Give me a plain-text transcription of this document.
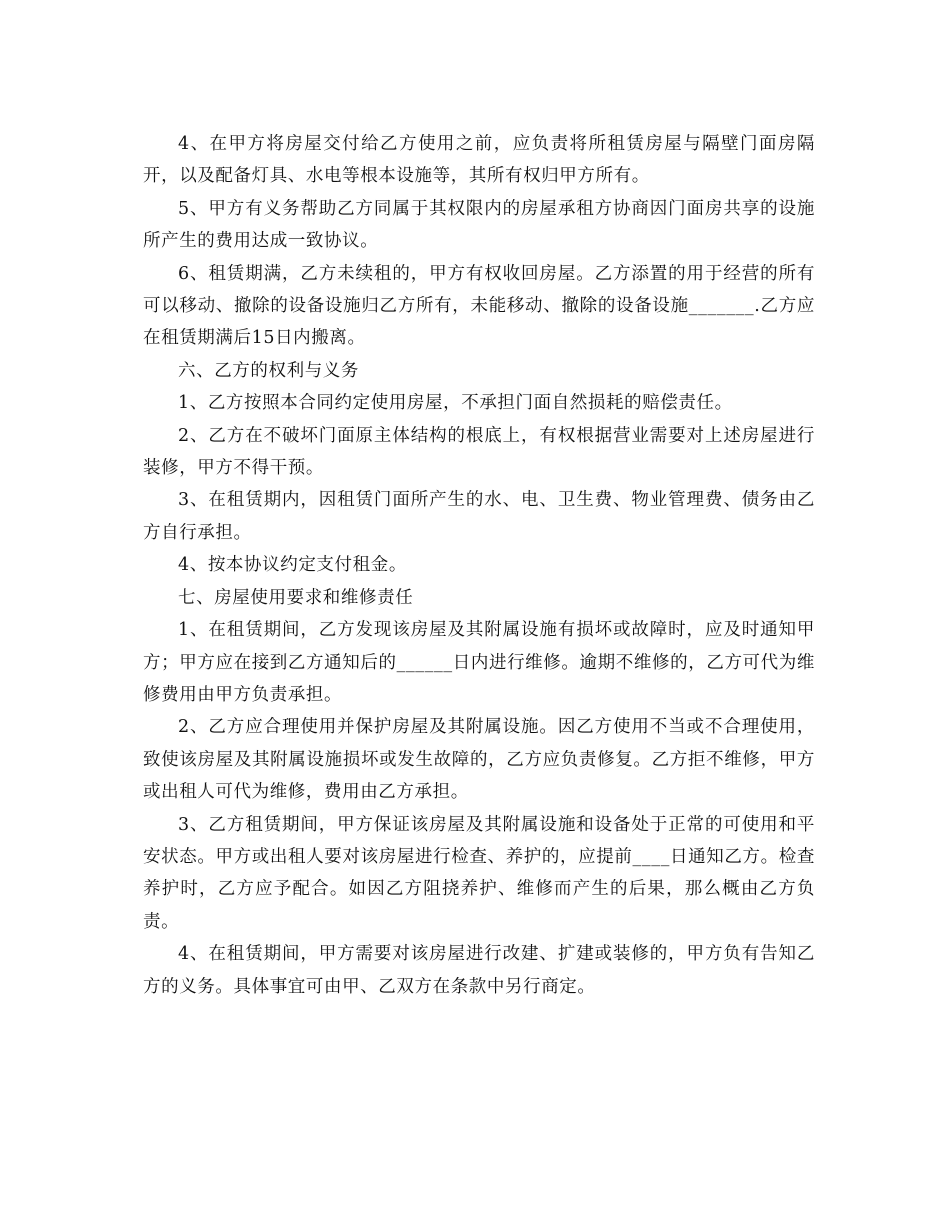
4、在甲方将房屋交付给乙方使用之前，应负责将所租赁房屋与隔壁门面房隔开，以及配备灯具、水电等根本设施等，其所有权归甲方所有。

5、甲方有义务帮助乙方同属于其权限内的房屋承租方协商因门面房共享的设施所产生的费用达成一致协议。

6、租赁期满，乙方未续租的，甲方有权收回房屋。乙方添置的用于经营的所有可以移动、撤除的设备设施归乙方所有，未能移动、撤除的设备设施_______.乙方应在租赁期满后15日内搬离。

六、乙方的权利与义务

1、乙方按照本合同约定使用房屋，不承担门面自然损耗的赔偿责任。

2、乙方在不破坏门面原主体结构的根底上，有权根据营业需要对上述房屋进行装修，甲方不得干预。

3、在租赁期内，因租赁门面所产生的水、电、卫生费、物业管理费、债务由乙方自行承担。

4、按本协议约定支付租金。

七、房屋使用要求和维修责任

1、在租赁期间，乙方发现该房屋及其附属设施有损坏或故障时，应及时通知甲方；甲方应在接到乙方通知后的______日内进行维修。逾期不维修的，乙方可代为维修费用由甲方负责承担。

2、乙方应合理使用并保护房屋及其附属设施。因乙方使用不当或不合理使用，致使该房屋及其附属设施损坏或发生故障的，乙方应负责修复。乙方拒不维修，甲方或出租人可代为维修，费用由乙方承担。

3、乙方租赁期间，甲方保证该房屋及其附属设施和设备处于正常的可使用和平安状态。甲方或出租人要对该房屋进行检查、养护的，应提前____日通知乙方。检查养护时，乙方应予配合。如因乙方阻挠养护、维修而产生的后果，那么概由乙方负责。

4、在租赁期间，甲方需要对该房屋进行改建、扩建或装修的，甲方负有告知乙方的义务。具体事宜可由甲、乙双方在条款中另行商定。
